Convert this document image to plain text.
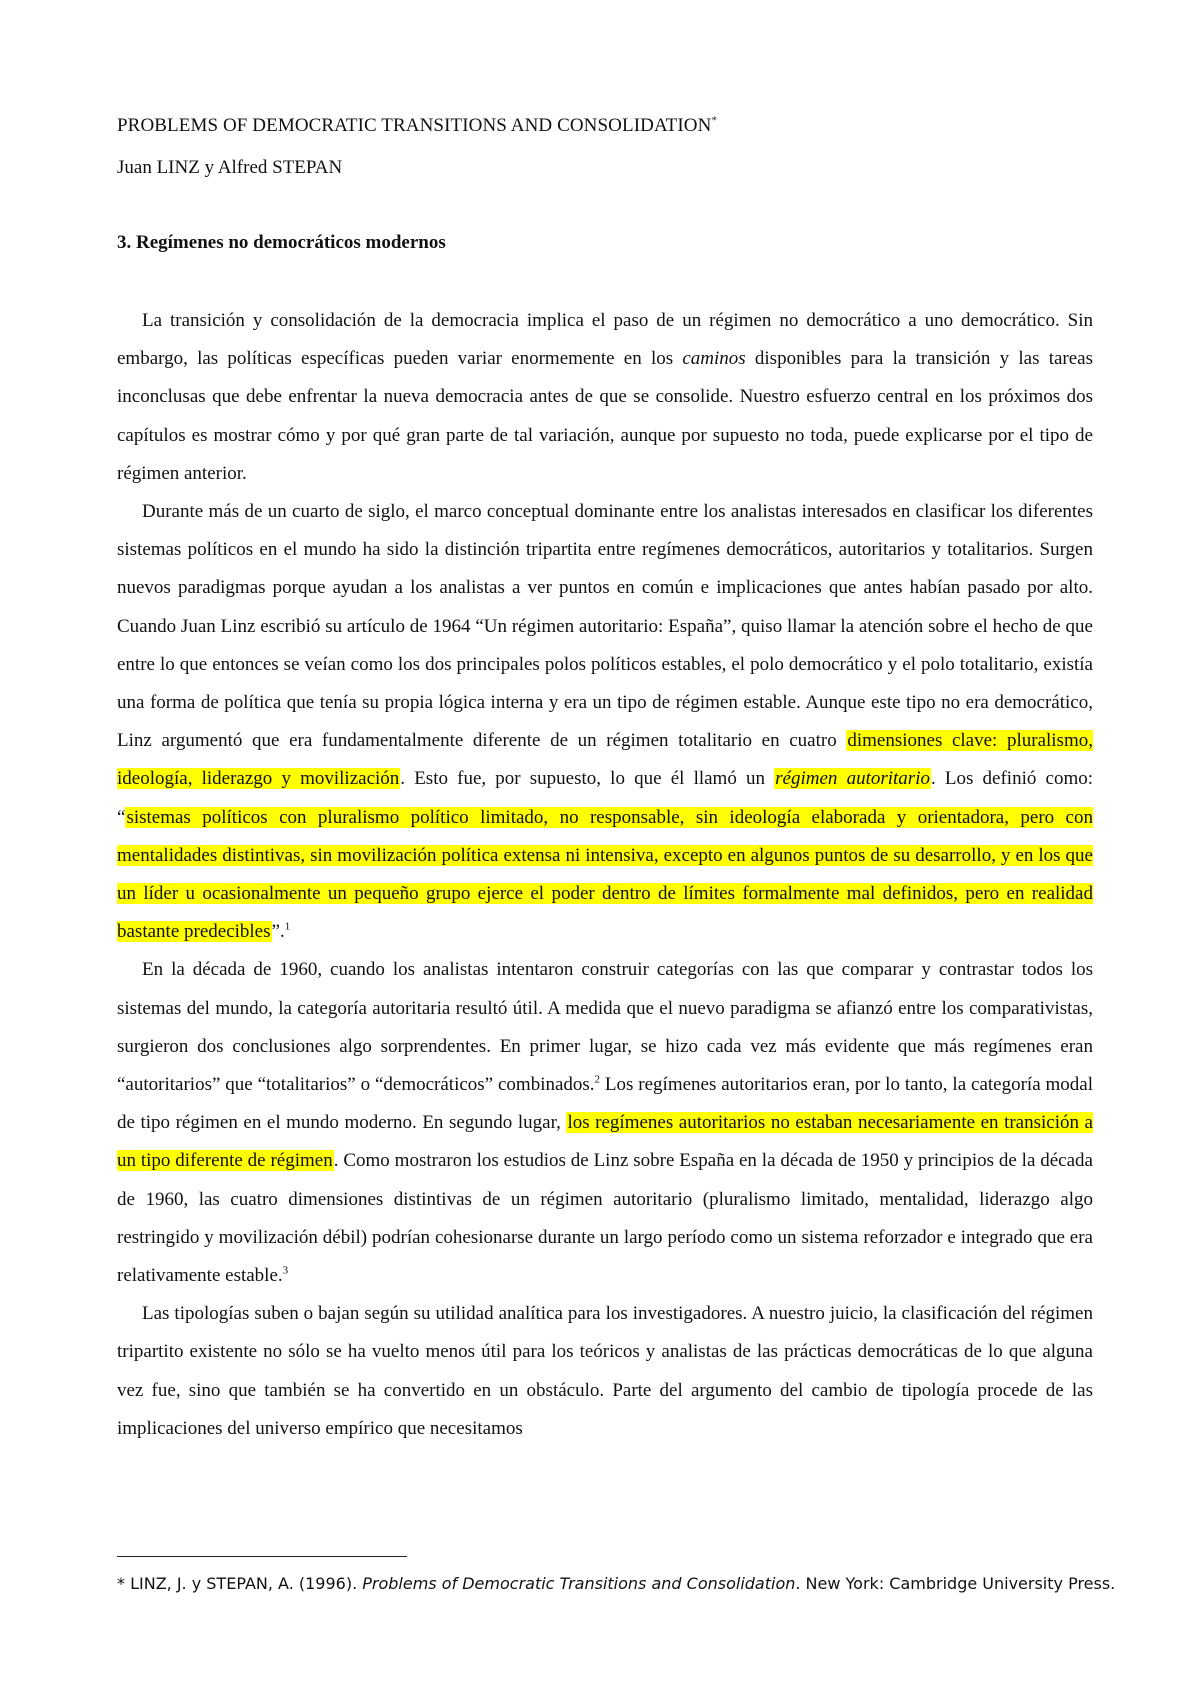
PROBLEMS OF DEMOCRATIC TRANSITIONS AND CONSOLIDATION*
Juan LINZ y Alfred STEPAN
3. Regímenes no democráticos modernos

La transición y consolidación de la democracia implica el paso de un régimen no democrático a uno democrático. Sin embargo, las políticas específicas pueden variar enormemente en los caminos disponibles para la transición y las tareas inconclusas que debe enfrentar la nueva democracia antes de que se consolide. Nuestro esfuerzo central en los próximos dos capítulos es mostrar cómo y por qué gran parte de tal variación, aunque por supuesto no toda, puede explicarse por el tipo de régimen anterior.

Durante más de un cuarto de siglo, el marco conceptual dominante entre los analistas interesados en clasificar los diferentes sistemas políticos en el mundo ha sido la distinción tripartita entre regímenes democráticos, autoritarios y totalitarios. Surgen nuevos paradigmas porque ayudan a los analistas a ver puntos en común e implicaciones que antes habían pasado por alto. Cuando Juan Linz escribió su artículo de 1964 “Un régimen autoritario: España”, quiso llamar la atención sobre el hecho de que entre lo que entonces se veían como los dos principales polos políticos estables, el polo democrático y el polo totalitario, existía una forma de política que tenía su propia lógica interna y era un tipo de régimen estable. Aunque este tipo no era democrático, Linz argumentó que era fundamentalmente diferente de un régimen totalitario en cuatro dimensiones clave: pluralismo, ideología, liderazgo y movilización. Esto fue, por supuesto, lo que él llamó un régimen autoritario. Los definió como: “sistemas políticos con pluralismo político limitado, no responsable, sin ideología elaborada y orientadora, pero con mentalidades distintivas, sin movilización política extensa ni intensiva, excepto en algunos puntos de su desarrollo, y en los que un líder u ocasionalmente un pequeño grupo ejerce el poder dentro de límites formalmente mal definidos, pero en realidad bastante predecibles”.$^1$

En la década de 1960, cuando los analistas intentaron construir categorías con las que comparar y contrastar todos los sistemas del mundo, la categoría autoritaria resultó útil. A medida que el nuevo paradigma se afianzó entre los comparativistas, surgieron dos conclusiones algo sorprendentes. En primer lugar, se hizo cada vez más evidente que más regímenes eran “autoritarios” que “totalitarios” o “democráticos” combinados.$^2$ Los regímenes autoritarios eran, por lo tanto, la categoría modal de tipo régimen en el mundo moderno. En segundo lugar, los regímenes autoritarios no estaban necesariamente en transición a un tipo diferente de régimen. Como mostraron los estudios de Linz sobre España en la década de 1950 y principios de la década de 1960, las cuatro dimensiones distintivas de un régimen autoritario (pluralismo limitado, mentalidad, liderazgo algo restringido y movilización débil) podrían cohesionarse durante un largo período como un sistema reforzador e integrado que era relativamente estable.$^3$

Las tipologías suben o bajan según su utilidad analítica para los investigadores. A nuestro juicio, la clasificación del régimen tripartito existente no sólo se ha vuelto menos útil para los teóricos y analistas de las prácticas democráticas de lo que alguna vez fue, sino que también se ha convertido en un obstáculo. Parte del argumento del cambio de tipología procede de las implicaciones del universo empírico que necesitamos

* LINZ, J. y STEPAN, A. (1996). Problems of Democratic Transitions and Consolidation. New York: Cambridge University Press.
